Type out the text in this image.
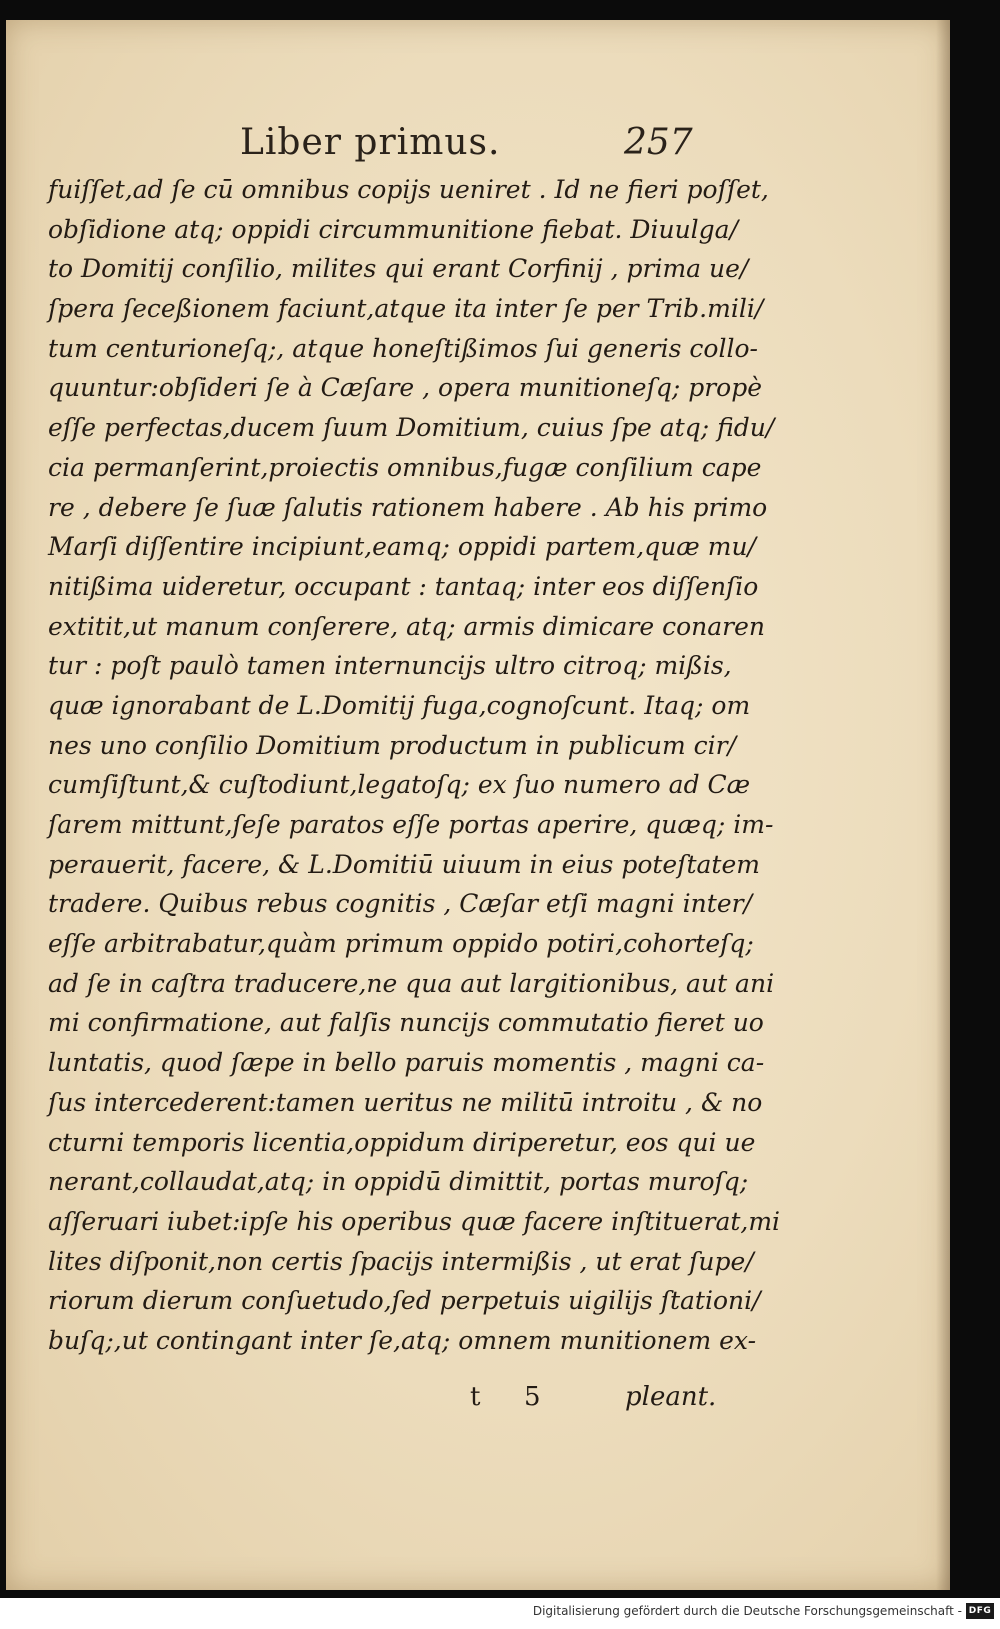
Liber primus.	257
fuiſſet,ad ſe cū omnibus copijs ueniret . Id ne fieri poſſet,
obſidione atq; oppidi circummunitione fiebat. Diuulga/
to Domitij conſilio, milites qui erant Corfinij , prima ue/
ſpera ſeceßionem faciunt,atque ita inter ſe per Trib.mili/
tum centurioneſq;, atque honeſtißimos ſui generis collo-
quuntur:obſideri ſe à Cæſare , opera munitioneſq; propè
eſſe perfectas,ducem ſuum Domitium, cuius ſpe atq; fidu/
cia permanſerint,proiectis omnibus,fugæ conſilium cape
re , debere ſe ſuæ ſalutis rationem habere . Ab his primo
Marſi diſſentire incipiunt,eamq; oppidi partem,quæ mu/
nitißima uideretur, occupant : tantaq; inter eos diſſenſio
extitit,ut manum conſerere, atq; armis dimicare conaren
tur : poſt paulò tamen internuncijs ultro citroq; mißis,
quæ ignorabant de L.Domitij fuga,cognoſcunt. Itaq; om
nes uno conſilio Domitium productum in publicum cir/
cumſiſtunt,& cuſtodiunt,legatoſq; ex ſuo numero ad Cæ
ſarem mittunt,ſeſe paratos eſſe portas aperire, quæq; im-
perauerit, facere, & L.Domitiū uiuum in eius poteſtatem
tradere. Quibus rebus cognitis , Cæſar etſi magni inter/
eſſe arbitrabatur,quàm primum oppido potiri,cohorteſq;
ad ſe in caſtra traducere,ne qua aut largitionibus, aut ani
mi confirmatione, aut falſis nuncijs commutatio fieret uo
luntatis, quod ſæpe in bello paruis momentis , magni ca-
ſus intercederent:tamen ueritus ne militū introitu , & no
cturni temporis licentia,oppidum diriperetur, eos qui ue
nerant,collaudat,atq; in oppidū dimittit, portas muroſq;
aſſeruari iubet:ipſe his operibus quæ facere inſtituerat,mi
lites diſponit,non certis ſpacijs intermißis , ut erat ſupe/
riorum dierum conſuetudo,ſed perpetuis uigilijs ſtationi/
buſq;,ut contingant inter ſe,atq; omnem munitionem ex-
t 5	pleant.
Digitalisierung gefördert durch die Deutsche Forschungsgemeinschaft - DFG
